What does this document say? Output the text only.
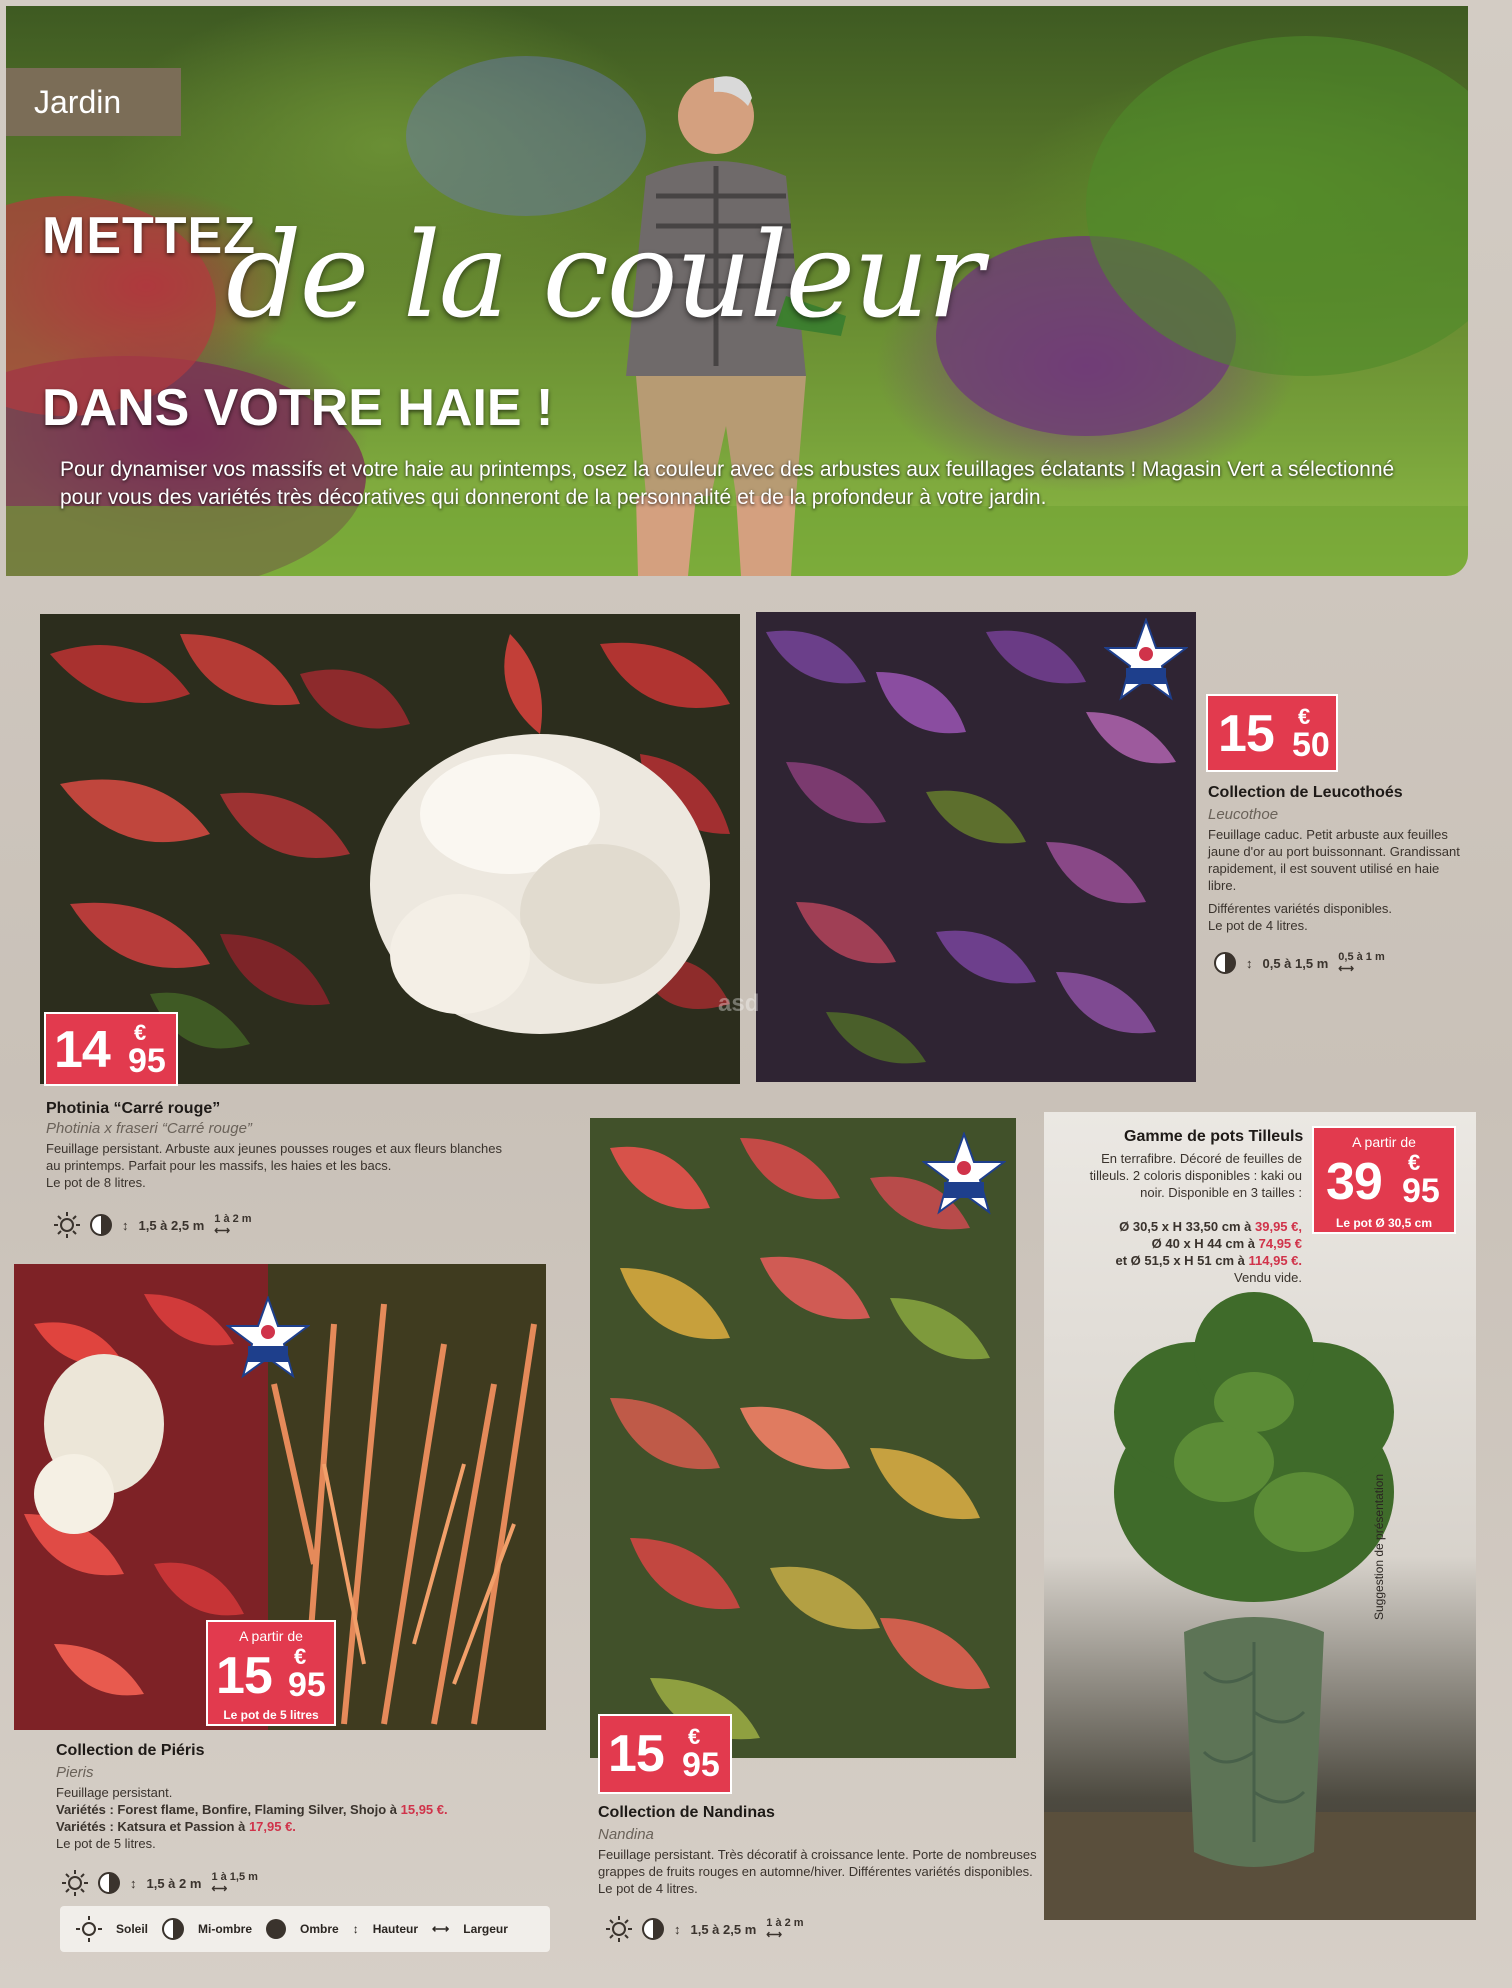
Jardin
METTEZ
de la couleur
DANS VOTRE HAIE !

Pour dynamiser vos massifs et votre haie au printemps, osez la couleur avec des arbustes aux feuillages éclatants ! Magasin Vert a sélectionné pour vous des variétés très décoratives qui donneront de la personnalité et de la profondeur à votre jardin.

14 €
95
Photinia “Carré rouge”
Photinia x fraseri “Carré rouge”

Feuillage persistant. Arbuste aux jeunes pousses rouges et aux fleurs blanches au printemps. Parfait pour les massifs, les haies et les bacs.

Le pot de 8 litres.

↕ 1,5 à 2,5 m 1 à 2 m
⟷
15 €
50
Collection de Leucothoés
Leucothoe

Feuillage caduc. Petit arbuste aux feuilles jaune d'or au port buissonnant. Grandissant rapidement, il est souvent utilisé en haie libre.

Différentes variétés disponibles.

Le pot de 4 litres.

↕ 0,5 à 1,5 m 0,5 à 1 m
⟷
A partir de
15 €
95
Le pot de 5 litres
Collection de Piéris
Pieris

Feuillage persistant.

Variétés : Forest flame, Bonfire, Flaming Silver, Shojo à 15,95 €.

Variétés : Katsura et Passion à 17,95 €.

Le pot de 5 litres.

↕ 1,5 à 2 m 1 à 1,5 m
⟷
Soleil	Mi-ombre	Ombre ↕ Hauteur ⟷ Largeur
15 €
95
Collection de Nandinas
Nandina

Feuillage persistant. Très décoratif à croissance lente. Porte de nombreuses grappes de fruits rouges en automne/hiver. Différentes variétés disponibles. Le pot de 4 litres.

↕ 1,5 à 2,5 m 1 à 2 m
⟷
Gamme de pots Tilleuls

En terrafibre. Décoré de feuilles de tilleuls. 2 coloris disponibles : kaki ou noir. Disponible en 3 tailles :

Ø 30,5 x H 33,50 cm à 39,95 €,

Ø 40 x H 44 cm à 74,95 €

et Ø 51,5 x H 51 cm à 114,95 €.

Vendu vide.

A partir de
39 €
95
Le pot Ø 30,5 cm
Suggestion de présentation
asd
